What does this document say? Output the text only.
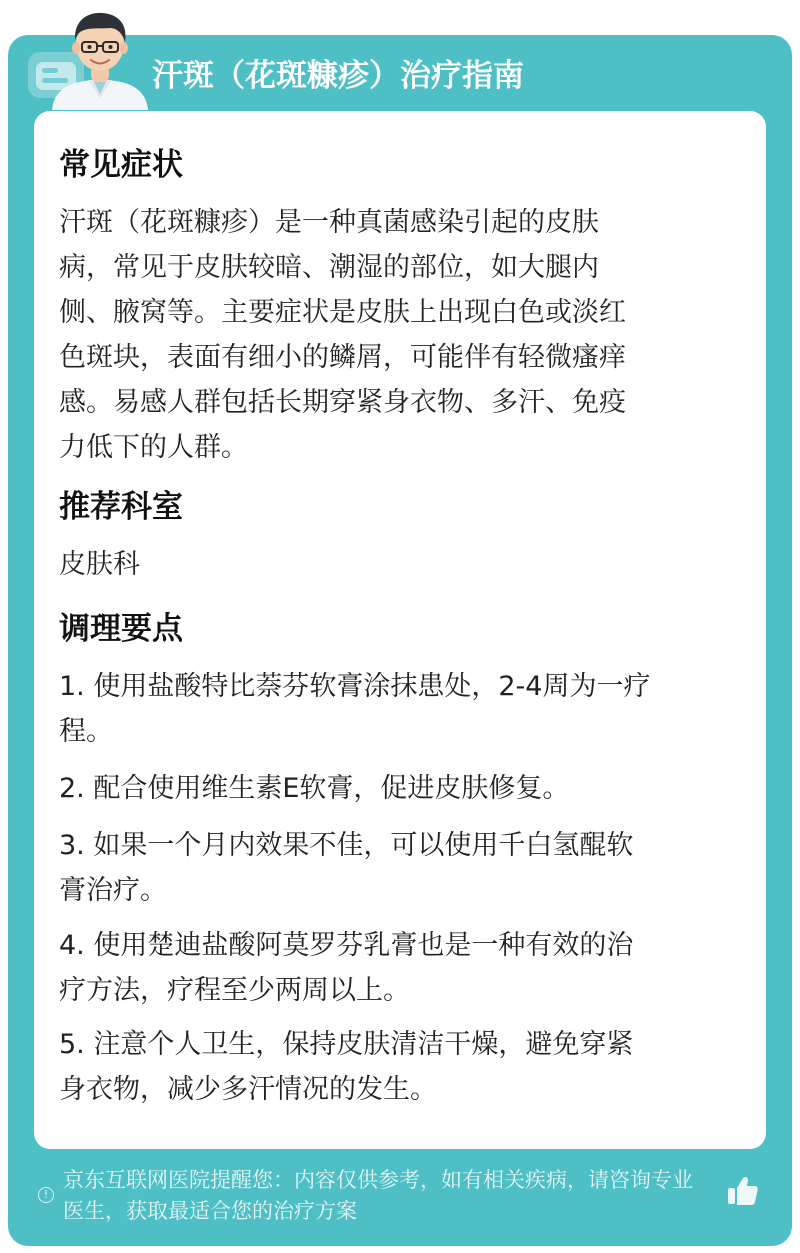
汗斑（花斑糠疹）治疗指南
常见症状
汗斑（花斑糠疹）是一种真菌感染引起的皮肤
病，常见于皮肤较暗、潮湿的部位，如大腿内
侧、腋窝等。主要症状是皮肤上出现白色或淡红
色斑块，表面有细小的鳞屑，可能伴有轻微瘙痒
感。易感人群包括长期穿紧身衣物、多汗、免疫
力低下的人群。
推荐科室
皮肤科
调理要点
1. 使用盐酸特比萘芬软膏涂抹患处，2-4周为一疗
程。
2. 配合使用维生素E软膏，促进皮肤修复。
3. 如果一个月内效果不佳，可以使用千白氢醌软
膏治疗。
4. 使用楚迪盐酸阿莫罗芬乳膏也是一种有效的治
疗方法，疗程至少两周以上。
5. 注意个人卫生，保持皮肤清洁干燥，避免穿紧
身衣物，减少多汗情况的发生。
!
京东互联网医院提醒您：内容仅供参考，如有相关疾病，请咨询专业
医生，获取最适合您的治疗方案
